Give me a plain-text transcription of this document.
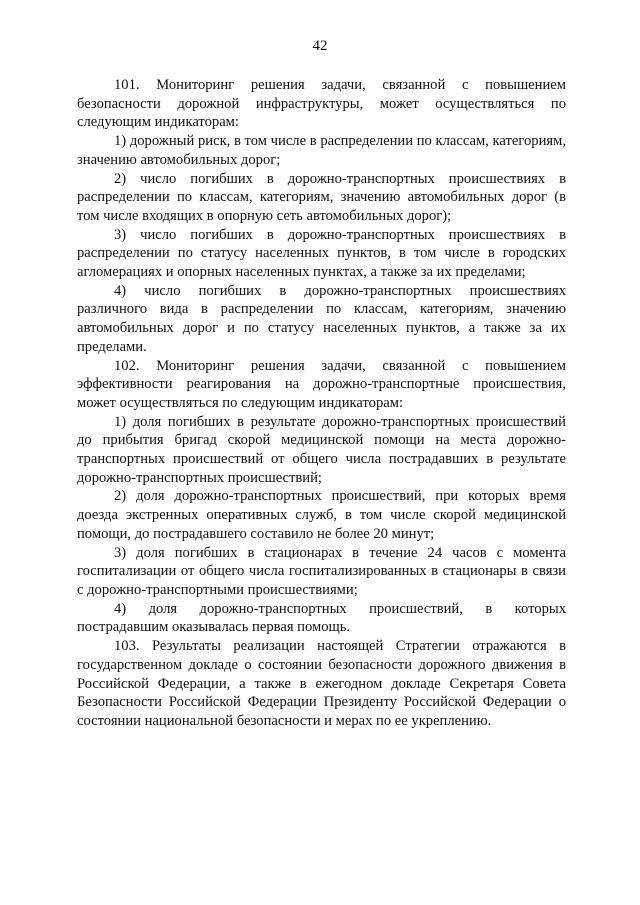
42

101. Мониторинг решения задачи, связанной с повышением безопасности дорожной инфраструктуры, может осуществляться по следующим индикаторам:

1) дорожный риск, в том числе в распределении по классам, категориям, значению автомобильных дорог;

2) число погибших в дорожно-транспортных происшествиях в распределении по классам, категориям, значению автомобильных дорог (в том числе входящих в опорную сеть автомобильных дорог);

3) число погибших в дорожно-транспортных происшествиях в распределении по статусу населенных пунктов, в том числе в городских агломерациях и опорных населенных пунктах, а также за их пределами;

4) число погибших в дорожно-транспортных происшествиях различного вида в распределении по классам, категориям, значению автомобильных дорог и по статусу населенных пунктов, а также за их пределами.

102. Мониторинг решения задачи, связанной с повышением эффективности реагирования на дорожно-транспортные происшествия, может осуществляться по следующим индикаторам:

1) доля погибших в результате дорожно-транспортных происшествий до прибытия бригад скорой медицинской помощи на места дорожно-транспортных происшествий от общего числа пострадавших в результате дорожно-транспортных происшествий;

2) доля дорожно-транспортных происшествий, при которых время доезда экстренных оперативных служб, в том числе скорой медицинской помощи, до пострадавшего составило не более 20 минут;

3) доля погибших в стационарах в течение 24 часов с момента госпитализации от общего числа госпитализированных в стационары в связи с дорожно-транспортными происшествиями;

4) доля дорожно-транспортных происшествий, в которых пострадавшим оказывалась первая помощь.

103. Результаты реализации настоящей Стратегии отражаются в государственном докладе о состоянии безопасности дорожного движения в Российской Федерации, а также в ежегодном докладе Секретаря Совета Безопасности Российской Федерации Президенту Российской Федерации о состоянии национальной безопасности и мерах по ее укреплению.
